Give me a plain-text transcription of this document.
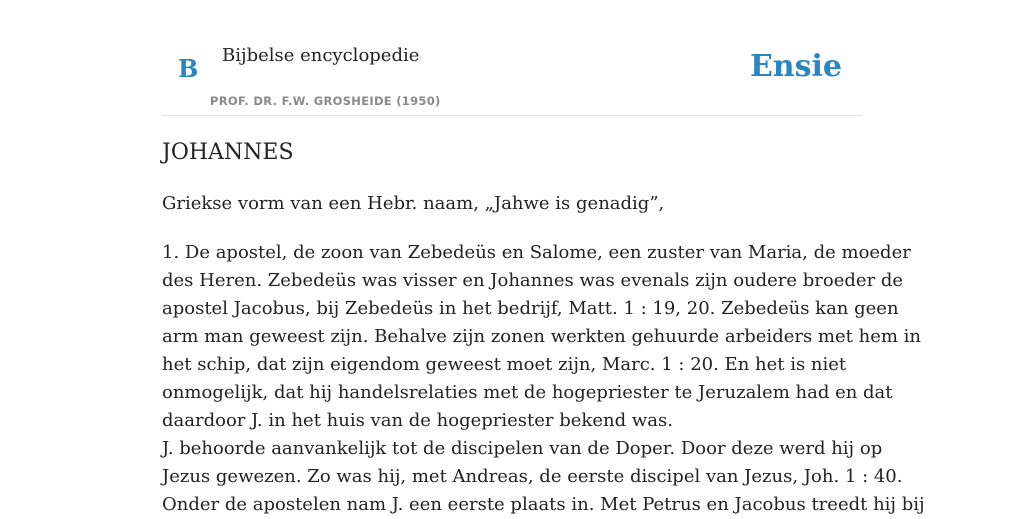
B Bijbelse encyclopedie
PROF. DR. F.W. GROSHEIDE (1950)
Ensie
JOHANNES

Griekse vorm van een Hebr. naam, „Jahwe is genadig”,

1. De apostel, de zoon van Zebedeüs en Salome, een zuster van Maria, de moeder
des Heren. Zebedeüs was visser en Johannes was evenals zijn oudere broeder de
apostel Jacobus, bij Zebedeüs in het bedrijf, Matt. 1 : 19, 20. Zebedeüs kan geen
arm man geweest zijn. Behalve zijn zonen werkten gehuurde arbeiders met hem in
het schip, dat zijn eigendom geweest moet zijn, Marc. 1 : 20. En het is niet
onmogelijk, dat hij handelsrelaties met de hogepriester te Jeruzalem had en dat
daardoor J. in het huis van de hogepriester bekend was.
J. behoorde aanvankelijk tot de discipelen van de Doper. Door deze werd hij op
Jezus gewezen. Zo was hij, met Andreas, de eerste discipel van Jezus, Joh. 1 : 40.
Onder de apostelen nam J. een eerste plaats in. Met Petrus en Jacobus treedt hij bij
